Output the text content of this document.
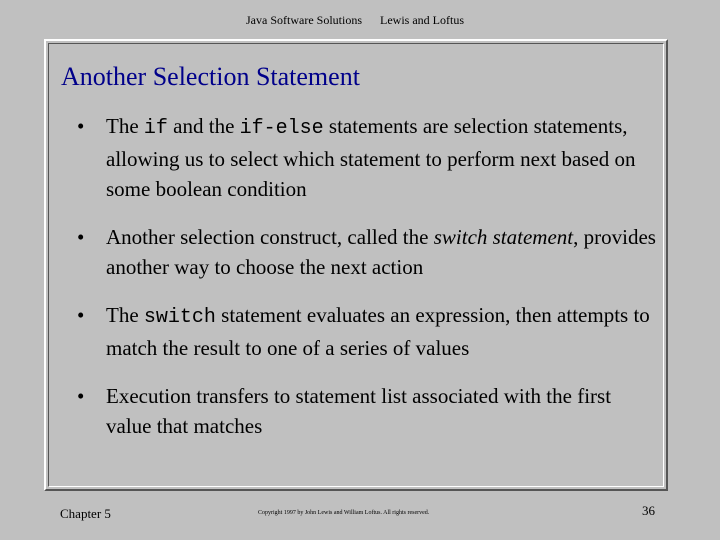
Java Software Solutions Lewis and Loftus
Another Selection Statement
• The if and the if-else statements are selection statements, allowing us to select which statement to perform next based on some boolean condition
• Another selection construct, called the switch statement, provides another way to choose the next action
• The switch statement evaluates an expression, then attempts to match the result to one of a series of values
• Execution transfers to statement list associated with the first value that matches
Chapter 5	Copyright 1997 by John Lewis and William Loftus. All rights reserved.	36
